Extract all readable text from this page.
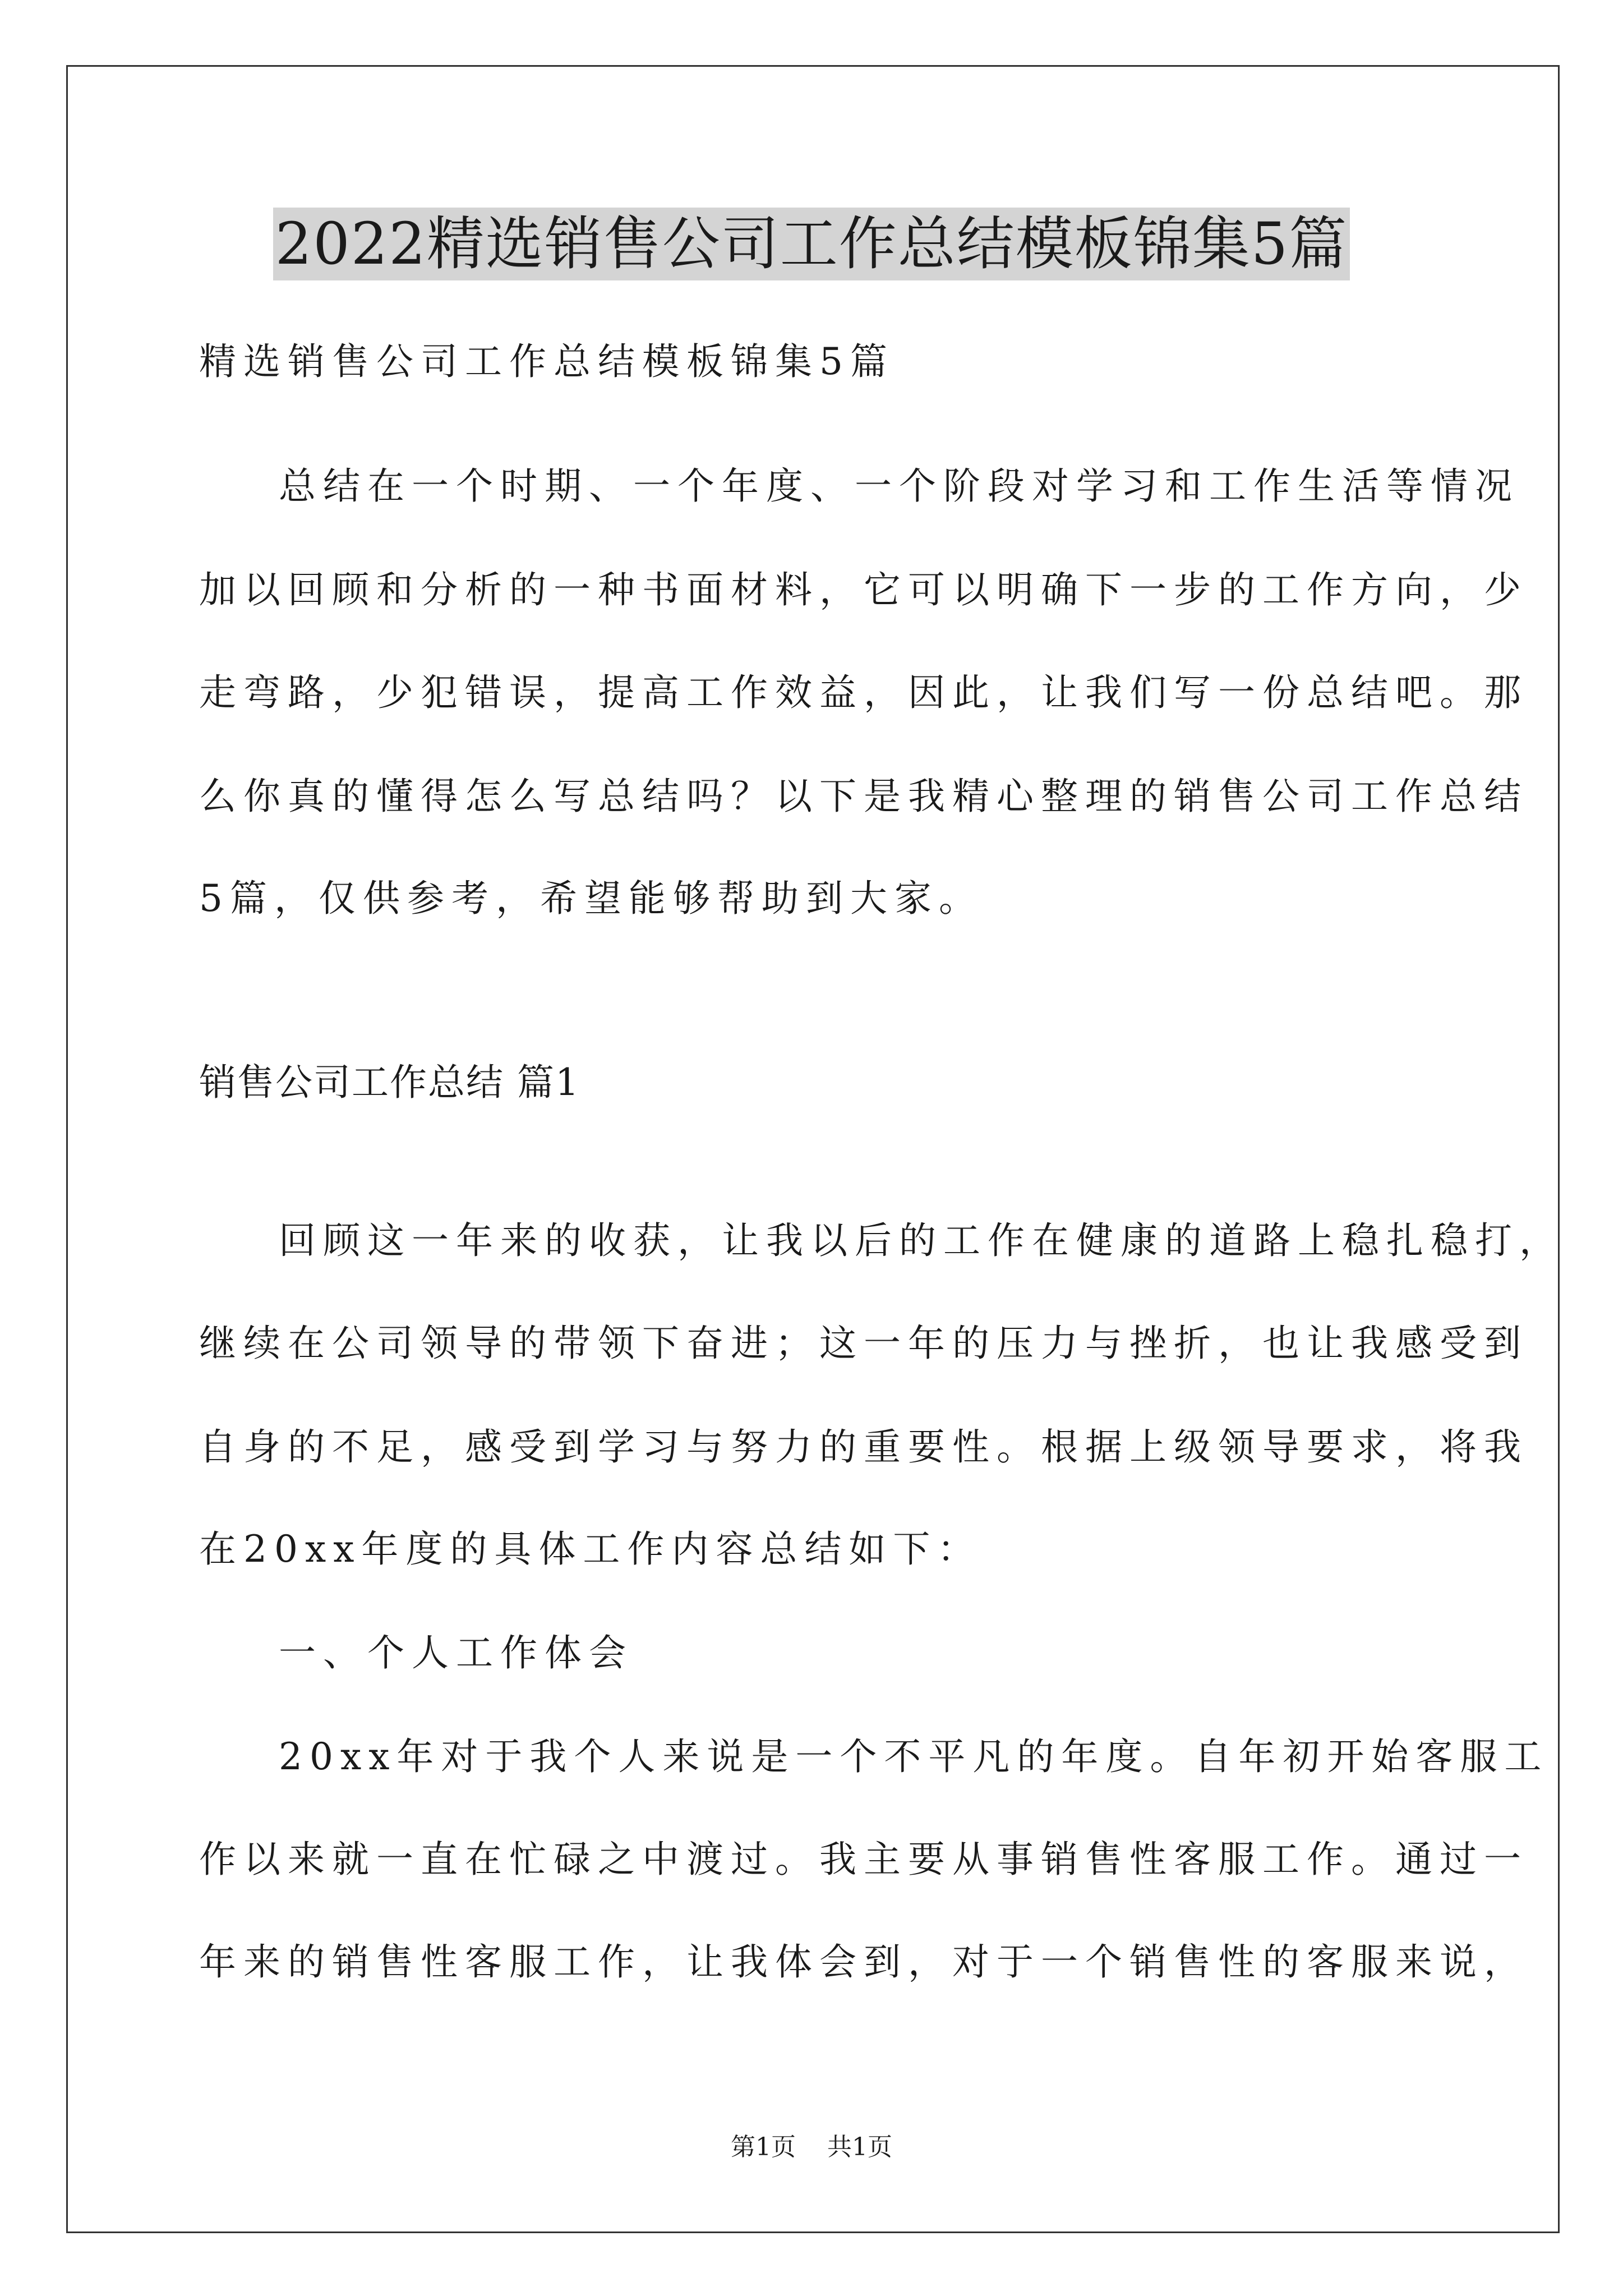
2022精选销售公司工作总结模板锦集5篇
精选销售公司工作总结模板锦集5篇
总结在一个时期、一个年度、一个阶段对学习和工作生活等情况
加以回顾和分析的一种书面材料，它可以明确下一步的工作方向，少
走弯路，少犯错误，提高工作效益，因此，让我们写一份总结吧。那
么你真的懂得怎么写总结吗？以下是我精心整理的销售公司工作总结
5篇，仅供参考，希望能够帮助到大家。
销售公司工作总结 篇1
回顾这一年来的收获，让我以后的工作在健康的道路上稳扎稳打，
继续在公司领导的带领下奋进；这一年的压力与挫折，也让我感受到
自身的不足，感受到学习与努力的重要性。根据上级领导要求，将我
在20xx年度的具体工作内容总结如下：
一、个人工作体会
20xx年对于我个人来说是一个不平凡的年度。自年初开始客服工
作以来就一直在忙碌之中渡过。我主要从事销售性客服工作。通过一
年来的销售性客服工作，让我体会到，对于一个销售性的客服来说，
第1页 共1页
